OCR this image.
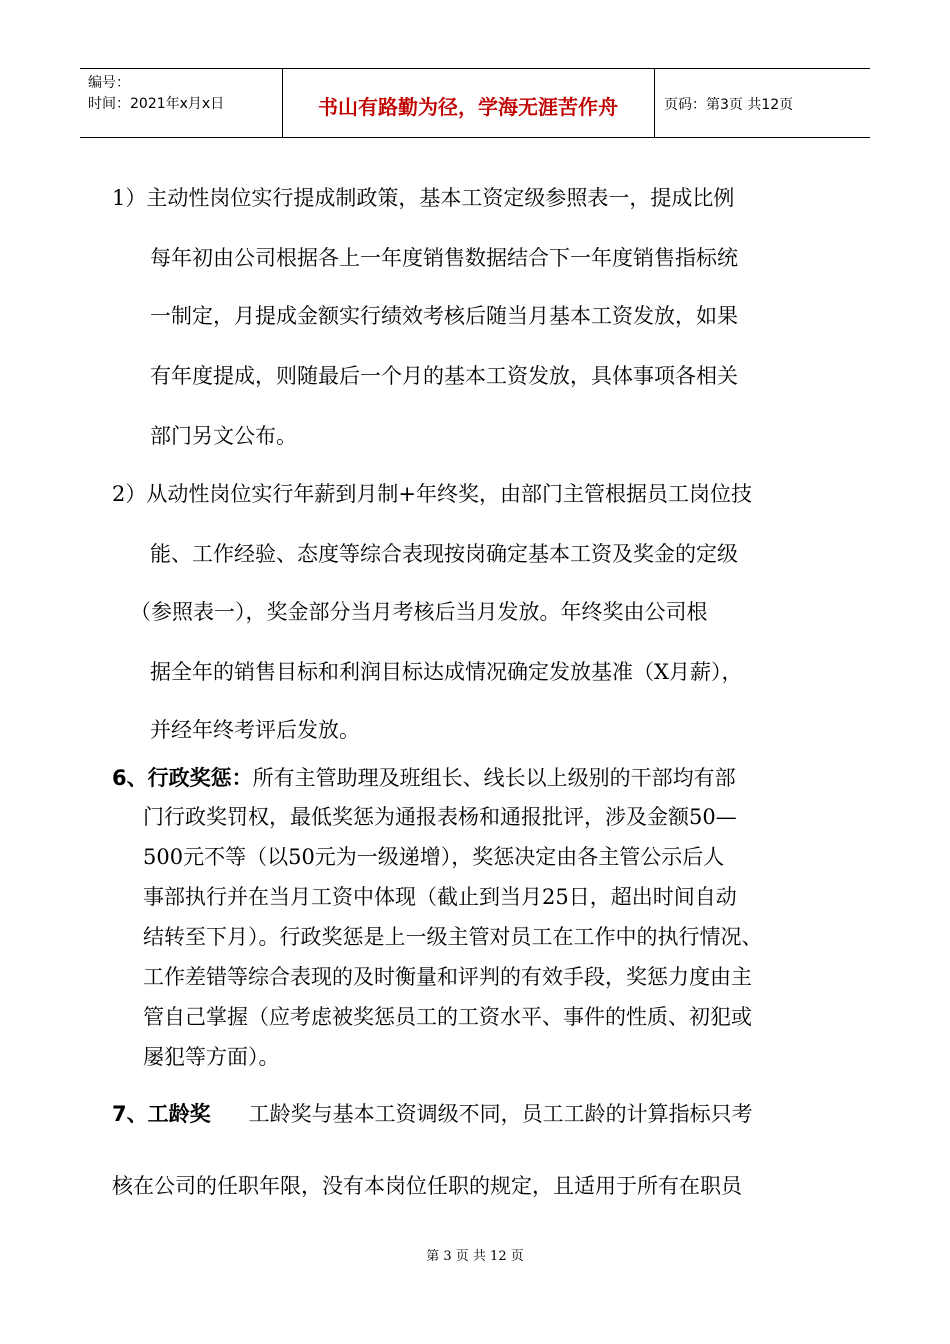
编号：
时间：2021年x月x日	书山有路勤为径，学海无涯苦作舟	页码：第3页 共12页
1）主动性岗位实行提成制政策，基本工资定级参照表一，提成比例
每年初由公司根据各上一年度销售数据结合下一年度销售指标统
一制定，月提成金额实行绩效考核后随当月基本工资发放，如果
有年度提成，则随最后一个月的基本工资发放，具体事项各相关
部门另文公布。
2）从动性岗位实行年薪到月制+年终奖，由部门主管根据员工岗位技
能、工作经验、态度等综合表现按岗确定基本工资及奖金的定级
（参照表一），奖金部分当月考核后当月发放。年终奖由公司根
据全年的销售目标和利润目标达成情况确定发放基准（X月薪），
并经年终考评后发放。
6、行政奖惩：所有主管助理及班组长、线长以上级别的干部均有部
门行政奖罚权，最低奖惩为通报表杨和通报批评，涉及金额50—
500元不等（以50元为一级递增），奖惩决定由各主管公示后人
事部执行并在当月工资中体现（截止到当月25日，超出时间自动
结转至下月）。行政奖惩是上一级主管对员工在工作中的执行情况、
工作差错等综合表现的及时衡量和评判的有效手段，奖惩力度由主
管自己掌握（应考虑被奖惩员工的工资水平、事件的性质、初犯或
屡犯等方面）。
7、工龄奖 工龄奖与基本工资调级不同，员工工龄的计算指标只考
核在公司的任职年限，没有本岗位任职的规定，且适用于所有在职员
第 3 页 共 12 页
